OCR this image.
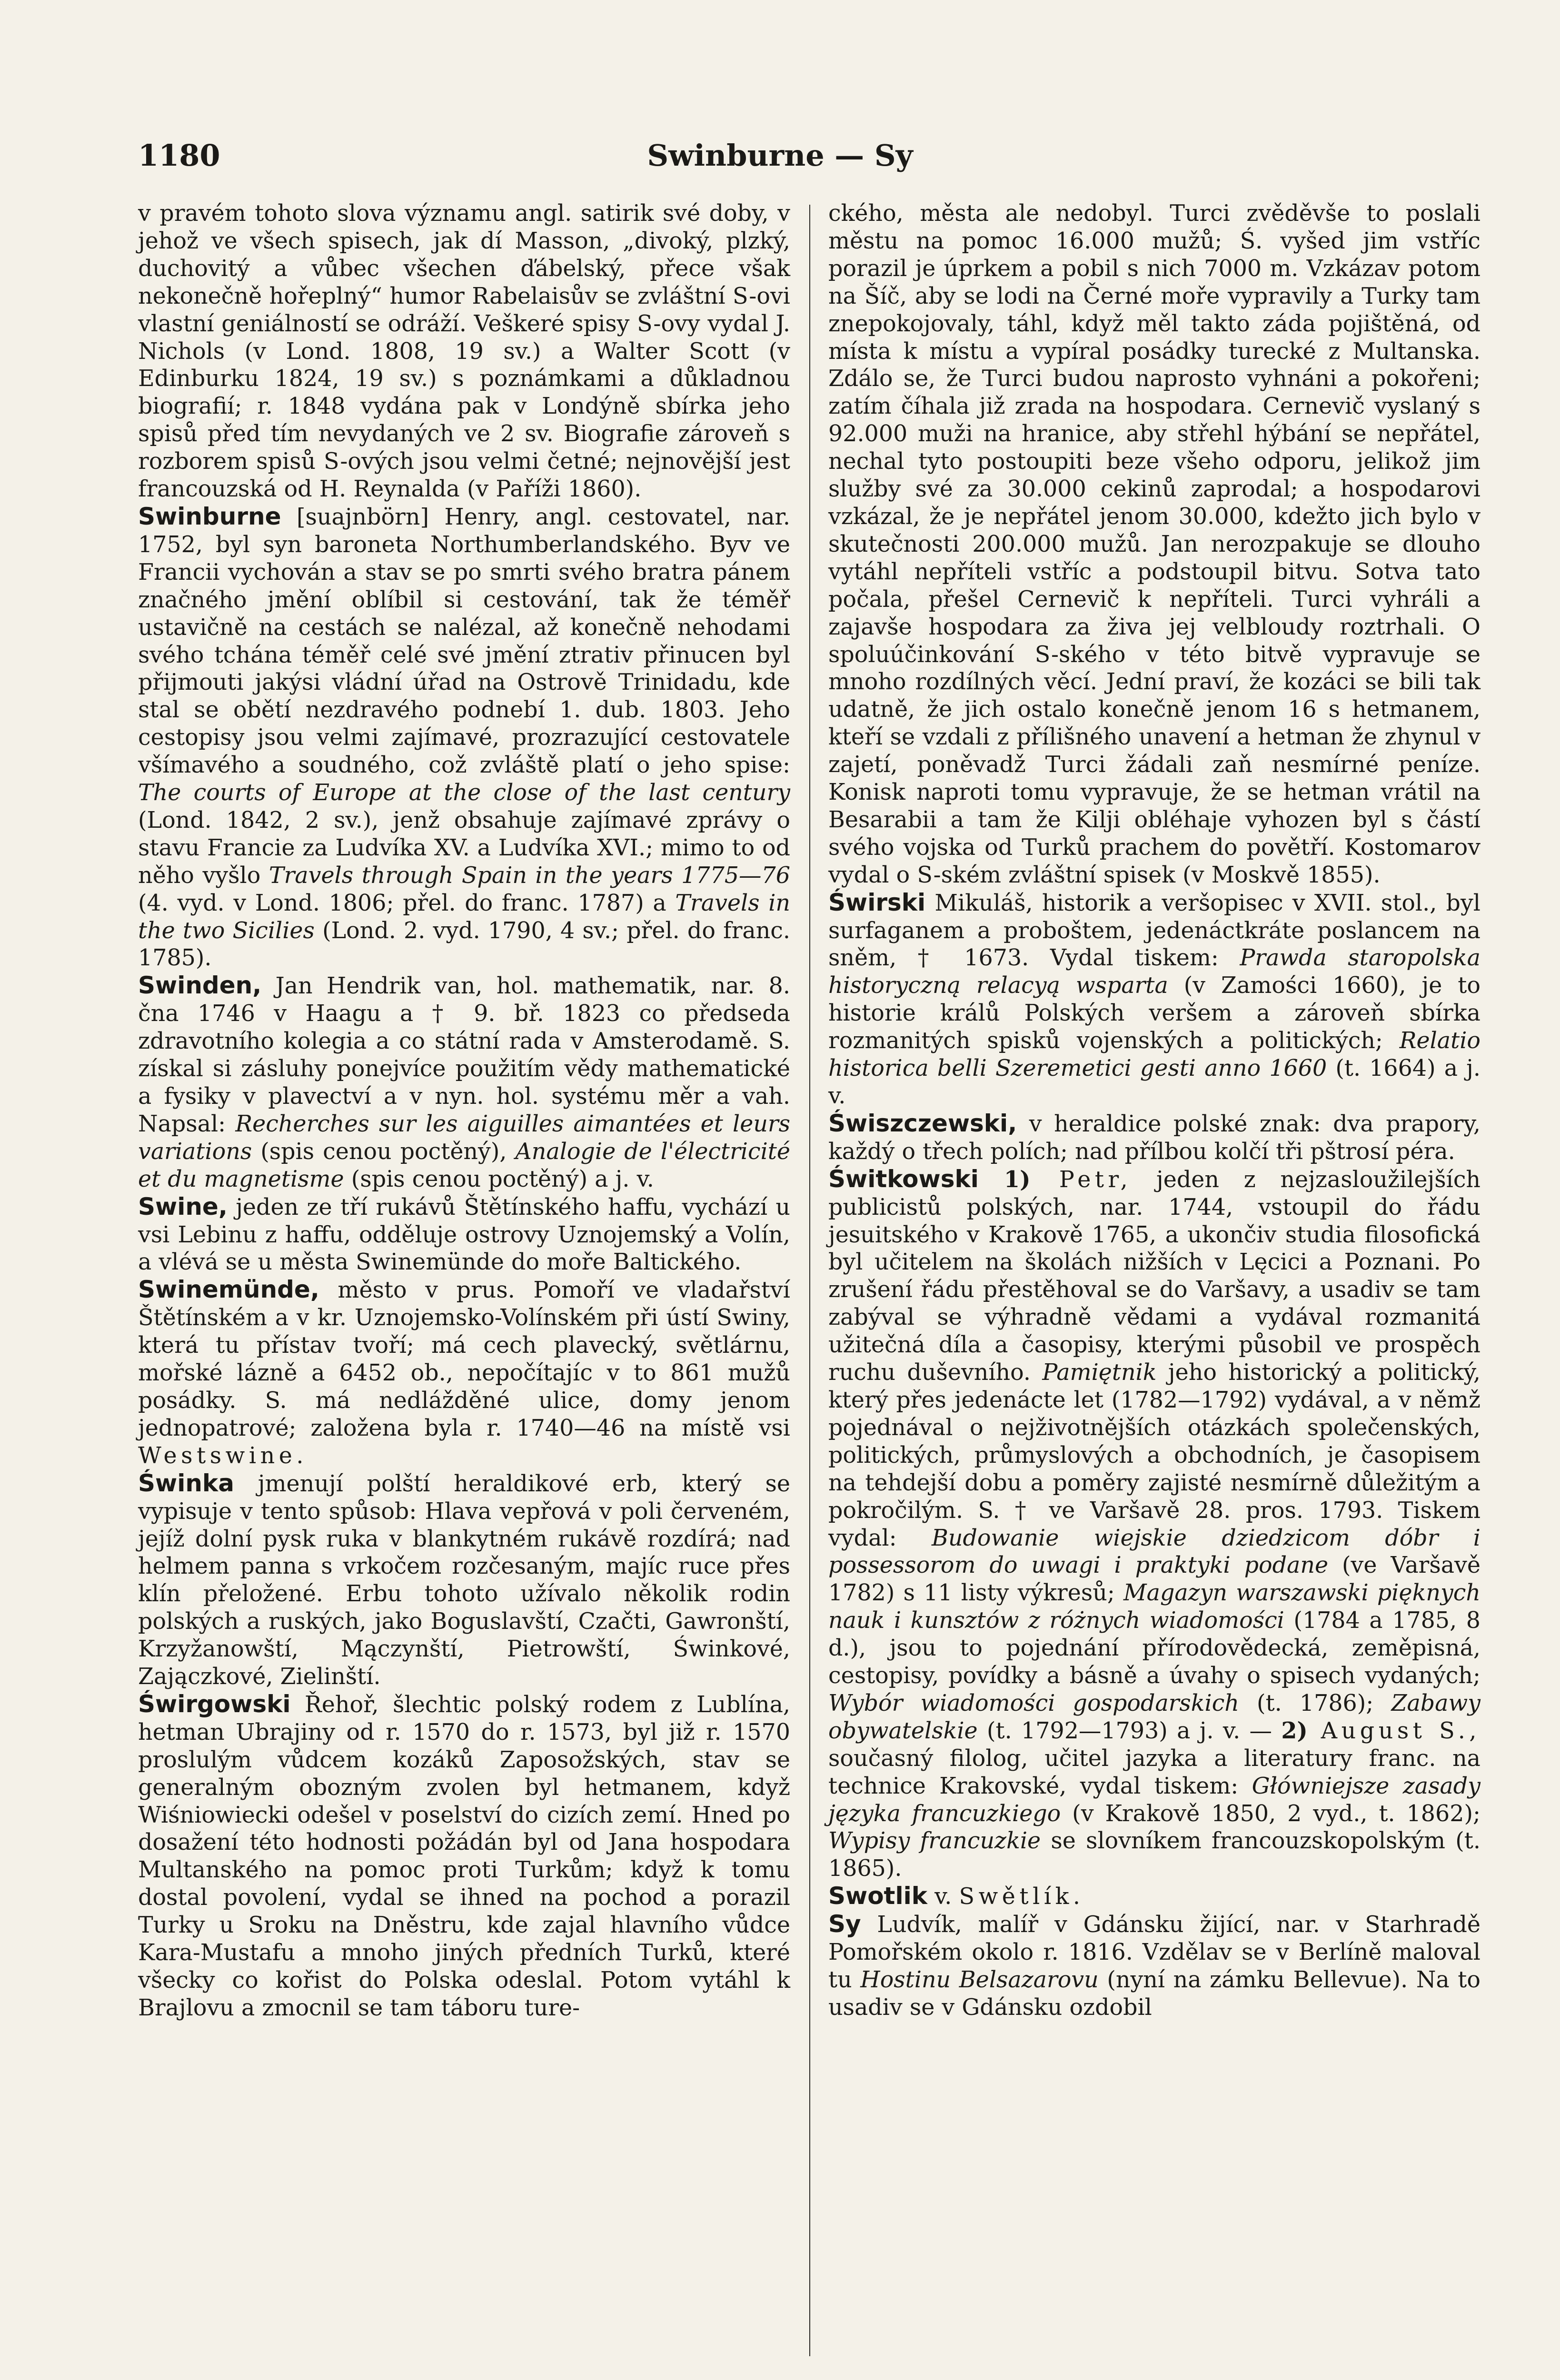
1180	Swinburne — Sy

v pravém tohoto slova významu angl. satirik své doby, v jehož ve všech spisech, jak dí Masson, „divoký, plzký, duchovitý a vůbec všechen ďábelský, přece však nekonečně hořeplný“ humor Rabelaisův se zvláštní S-ovi vlastní geniálností se odráží. Veškeré spisy S-ovy vydal J. Nichols (v Lond. 1808, 19 sv.) a Walter Scott (v Edinburku 1824, 19 sv.) s poznámkami a důkladnou biografií; r. 1848 vydána pak v Londýně sbírka jeho spisů před tím nevydaných ve 2 sv. Biografie zároveň s rozborem spisů S-ových jsou velmi četné; nejnovější jest francouzská od H. Reynalda (v Paříži 1860).

Swinburne [suajnbörn] Henry, angl. cestovatel, nar. 1752, byl syn baroneta Northumberlandského. Byv ve Francii vychován a stav se po smrti svého bratra pánem značného jmění oblíbil si cestování, tak že téměř ustavičně na cestách se nalézal, až konečně nehodami svého tchána téměř celé své jmění ztrativ přinucen byl přijmouti jakýsi vládní úřad na Ostrově Trinidadu, kde stal se obětí nezdravého podnebí 1. dub. 1803. Jeho cestopisy jsou velmi zajímavé, prozrazující cestovatele všímavého a soudného, což zvláště platí o jeho spise: The courts of Europe at the close of the last century (Lond. 1842, 2 sv.), jenž obsahuje zajímavé zprávy o stavu Francie za Ludvíka XV. a Ludvíka XVI.; mimo to od něho vyšlo Travels through Spain in the years 1775—76 (4. vyd. v Lond. 1806; přel. do franc. 1787) a Travels in the two Sicilies (Lond. 2. vyd. 1790, 4 sv.; přel. do franc. 1785).

Swinden, Jan Hendrik van, hol. mathematik, nar. 8. čna 1746 v Haagu a † 9. bř. 1823 co předseda zdravotního kolegia a co státní rada v Amsterodamě. S. získal si zásluhy ponejvíce použitím vědy mathematické a fysiky v plavectví a v nyn. hol. systému měr a vah. Napsal: Recherches sur les aiguilles aimantées et leurs variations (spis cenou poctěný), Analogie de l'électricité et du magnetisme (spis cenou poctěný) a j. v.

Swine, jeden ze tří rukávů Štětínského haffu, vychází u vsi Lebinu z haffu, odděluje ostrovy Uznojemský a Volín, a vlévá se u města Swinemünde do moře Baltického.

Swinemünde, město v prus. Pomoří ve vladařství Štětínském a v kr. Uznojemsko-Volínském při ústí Swiny, která tu přístav tvoří; má cech plavecký, světlárnu, mořské lázně a 6452 ob., nepočítajíc v to 861 mužů posádky. S. má nedlážděné ulice, domy jenom jednopatrové; založena byla r. 1740—46 na místě vsi Westswine.

Świnka jmenují polští heraldikové erb, který se vypisuje v tento spůsob: Hlava vepřová v poli červeném, jejíž dolní pysk ruka v blankytném rukávě rozdírá; nad helmem panna s vrkočem rozčesaným, majíc ruce přes klín přeložené. Erbu tohoto užívalo několik rodin polských a ruských, jako Boguslavští, Czačti, Gawronští, Krzyžanowští, Mączynští, Pietrowští, Świnkové, Zajączkové, Zielinští.

Świrgowski Řehoř, šlechtic polský rodem z Lublína, hetman Ubrajiny od r. 1570 do r. 1573, byl již r. 1570 proslulým vůdcem kozáků Zaposožských, stav se generalným obozným zvolen byl hetmanem, když Wiśniowiecki odešel v poselství do cizích zemí. Hned po dosažení této hodnosti požádán byl od Jana hospodara Multanského na pomoc proti Turkům; když k tomu dostal povolení, vydal se ihned na pochod a porazil Turky u Sroku na Dněstru, kde zajal hlavního vůdce Kara-Mustafu a mnoho jiných předních Turků, které všecky co kořist do Polska odeslal. Potom vytáhl k Brajlovu a zmocnil se tam táboru ture-

ckého, města ale nedobyl. Turci zvěděvše to poslali městu na pomoc 16.000 mužů; Ś. vyšed jim vstříc porazil je úprkem a pobil s nich 7000 m. Vzkázav potom na Šíč, aby se lodi na Černé moře vypravily a Turky tam znepokojovaly, táhl, když měl takto záda pojištěná, od místa k místu a vypíral posádky turecké z Multanska. Zdálo se, že Turci budou naprosto vyhnáni a pokořeni; zatím číhala již zrada na hospodara. Cernevič vyslaný s 92.000 muži na hranice, aby střehl hýbání se nepřátel, nechal tyto postoupiti beze všeho odporu, jelikož jim služby své za 30.000 cekinů zaprodal; a hospodarovi vzkázal, že je nepřátel jenom 30.000, kdežto jich bylo v skutečnosti 200.000 mužů. Jan nerozpakuje se dlouho vytáhl nepříteli vstříc a podstoupil bitvu. Sotva tato počala, přešel Cernevič k nepříteli. Turci vyhráli a zajavše hospodara za živa jej velbloudy roztrhali. O spoluúčinkování S-ského v této bitvě vypravuje se mnoho rozdílných věcí. Jední praví, že kozáci se bili tak udatně, že jich ostalo konečně jenom 16 s hetmanem, kteří se vzdali z přílišného unavení a hetman že zhynul v zajetí, poněvadž Turci žádali zaň nesmírné peníze. Konisk naproti tomu vypravuje, že se hetman vrátil na Besarabii a tam že Kilji obléhaje vyhozen byl s částí svého vojska od Turků prachem do povětří. Kostomarov vydal o S-ském zvláštní spisek (v Moskvě 1855).

Świrski Mikuláš, historik a veršopisec v XVII. stol., byl surfaganem a proboštem, jedenáctkráte poslancem na sněm, † 1673. Vydal tiskem: Prawda staropolska historyczną relacyą wsparta (v Zamości 1660), je to historie králů Polských veršem a zároveň sbírka rozmanitých spisků vojenských a politických; Relatio historica belli Szeremetici gesti anno 1660 (t. 1664) a j. v.

Świszczewski, v heraldice polské znak: dva prapory, každý o třech polích; nad přílbou kolčí tři pštrosí péra.

Świtkowski 1) Petr, jeden z nejzasloužilejších publicistů polských, nar. 1744, vstoupil do řádu jesuitského v Krakově 1765, a ukončiv studia filosofická byl učitelem na školách nižších v Lęcici a Poznani. Po zrušení řádu přestěhoval se do Varšavy, a usadiv se tam zabýval se výhradně vědami a vydával rozmanitá užitečná díla a časopisy, kterými působil ve prospěch ruchu duševního. Pamiętnik jeho historický a politický, který přes jedenácte let (1782—1792) vydával, a v němž pojednával o nejživotnějších otázkách společenských, politických, průmyslových a obchodních, je časopisem na tehdejší dobu a poměry zajisté nesmírně důležitým a pokročilým. S. † ve Varšavě 28. pros. 1793. Tiskem vydal: Budowanie wiejskie dziedzicom dóbr i possessorom do uwagi i praktyki podane (ve Varšavě 1782) s 11 listy výkresů; Magazyn warszawski pięknych nauk i kunsztów z różnych wiadomości (1784 a 1785, 8 d.), jsou to pojednání přírodovědecká, zeměpisná, cestopisy, povídky a básně a úvahy o spisech vydaných; Wybór wiadomości gospodarskich (t. 1786); Zabawy obywatelskie (t. 1792—1793) a j. v. — 2) August S., současný filolog, učitel jazyka a literatury franc. na technice Krakovské, vydal tiskem: Główniejsze zasady języka francuzkiego (v Krakově 1850, 2 vyd., t. 1862); Wypisy francuzkie se slovníkem francouzskopolským (t. 1865).

Swotlik v. Swětlík.

Sy Ludvík, malíř v Gdánsku žijící, nar. v Starhradě Pomořském okolo r. 1816. Vzdělav se v Berlíně maloval tu Hostinu Belsazarovu (nyní na zámku Bellevue). Na to usadiv se v Gdánsku ozdobil
